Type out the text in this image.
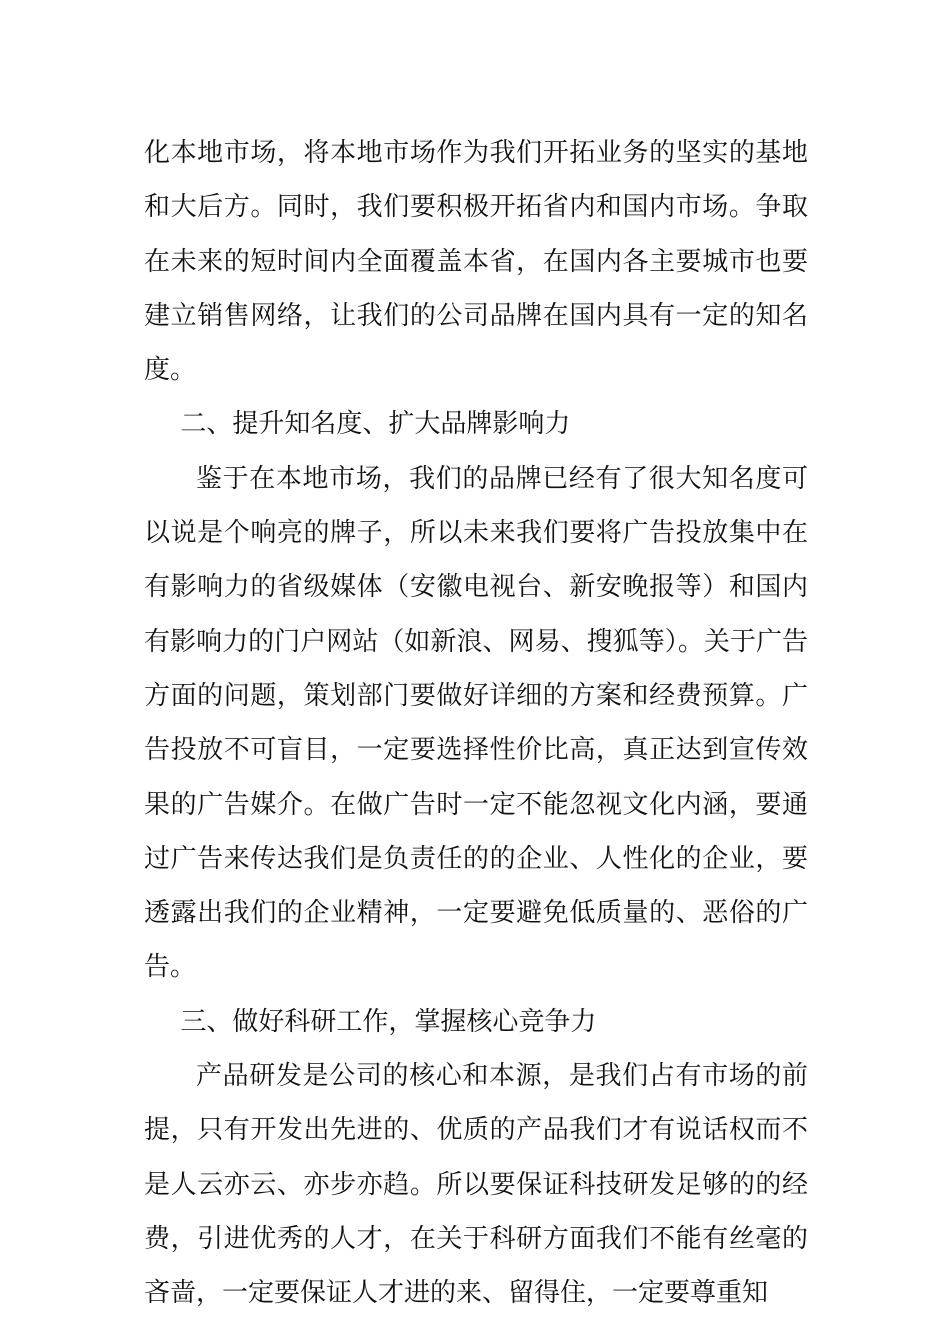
化本地市场，将本地市场作为我们开拓业务的坚实的基地和大后方。同时，我们要积极开拓省内和国内市场。争取在未来的短时间内全面覆盖本省，在国内各主要城市也要建立销售网络，让我们的公司品牌在国内具有一定的知名度。

二、提升知名度、扩大品牌影响力

鉴于在本地市场，我们的品牌已经有了很大知名度可以说是个响亮的牌子，所以未来我们要将广告投放集中在有影响力的省级媒体（安徽电视台、新安晚报等）和国内有影响力的门户网站（如新浪、网易、搜狐等）。关于广告方面的问题，策划部门要做好详细的方案和经费预算。广告投放不可盲目，一定要选择性价比高，真正达到宣传效果的广告媒介。在做广告时一定不能忽视文化内涵，要通过广告来传达我们是负责任的的企业、人性化的企业，要透露出我们的企业精神，一定要避免低质量的、恶俗的广告。

三、做好科研工作，掌握核心竞争力

产品研发是公司的核心和本源，是我们占有市场的前提，只有开发出先进的、优质的产品我们才有说话权而不是人云亦云、亦步亦趋。所以要保证科技研发足够的的经费，引进优秀的人才，在关于科研方面我们不能有丝毫的吝啬，一定要保证人才进的来、留得住，一定要尊重知
